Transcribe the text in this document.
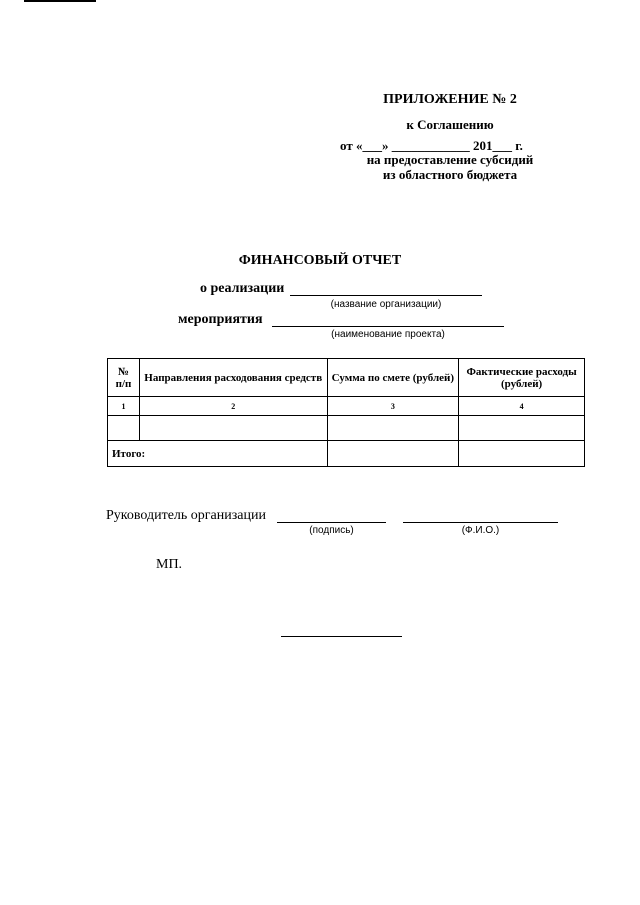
ПРИЛОЖЕНИЕ № 2
к Соглашению
от «___» ____________ 201___ г.
на предоставление субсидий
из областного бюджета
ФИНАНСОВЫЙ ОТЧЕТ
о реализации
(название организации)
мероприятия
(наименование проекта)
№ п/п	Направления расходования средств	Сумма по смете (рублей)	Фактические расходы (рублей)
1	2	3	4

Итого:			
Руководитель организации
(подпись)	(Ф.И.О.)
МП.
